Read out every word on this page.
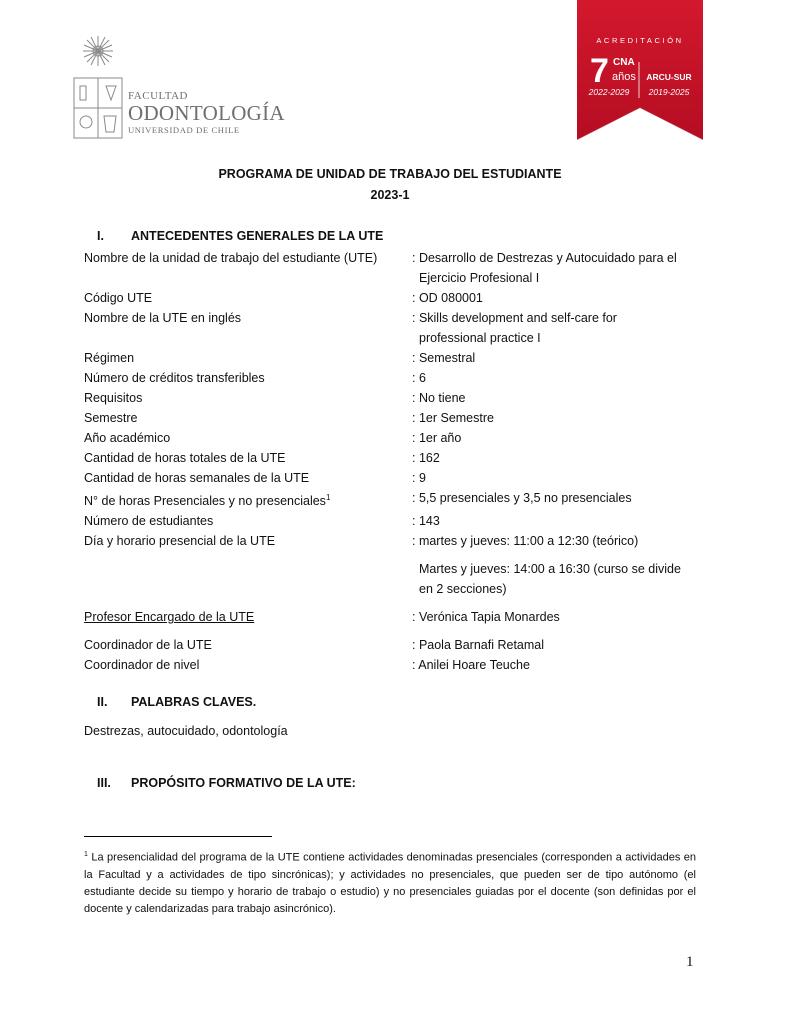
FACULTAD
ODONTOLOGÍA
UNIVERSIDAD DE CHILE
ACREDITACIÓN
7 CNA
años ARCU-SUR
2022-2029 2019-2025
PROGRAMA DE UNIDAD DE TRABAJO DEL ESTUDIANTE
2023-1
I. ANTECEDENTES GENERALES DE LA UTE
Nombre de la unidad de trabajo del estudiante (UTE)	: Desarrollo de Destrezas y Autocuidado para el
Ejercicio Profesional I
Código UTE	: OD 080001
Nombre de la UTE en inglés	: Skills development and self-care for
professional practice I
Régimen	: Semestral
Número de créditos transferibles	: 6
Requisitos	: No tiene
Semestre	: 1er Semestre
Año académico	: 1er año
Cantidad de horas totales de la UTE	: 162
Cantidad de horas semanales de la UTE	: 9
N° de horas Presenciales y no presenciales$^1$	: 5,5 presenciales y 3,5 no presenciales
Número de estudiantes	: 143
Día y horario presencial de la UTE	: martes y jueves: 11:00 a 12:30 (teórico)
Martes y jueves: 14:00 a 16:30 (curso se divide
en 2 secciones)
Profesor Encargado de la UTE	: Verónica Tapia Monardes
Coordinador de la UTE	: Paola Barnafi Retamal
Coordinador de nivel	: Anilei Hoare Teuche
II. PALABRAS CLAVES.
Destrezas, autocuidado, odontología
III. PROPÓSITO FORMATIVO DE LA UTE:
$^1$ La presencialidad del programa de la UTE contiene actividades denominadas presenciales (corresponden a actividades en la Facultad y a actividades de tipo sincrónicas); y actividades no presenciales, que pueden ser de tipo autónomo (el estudiante decide su tiempo y horario de trabajo o estudio) y no presenciales guiadas por el docente (son definidas por el docente y calendarizadas para trabajo asincrónico).
1
